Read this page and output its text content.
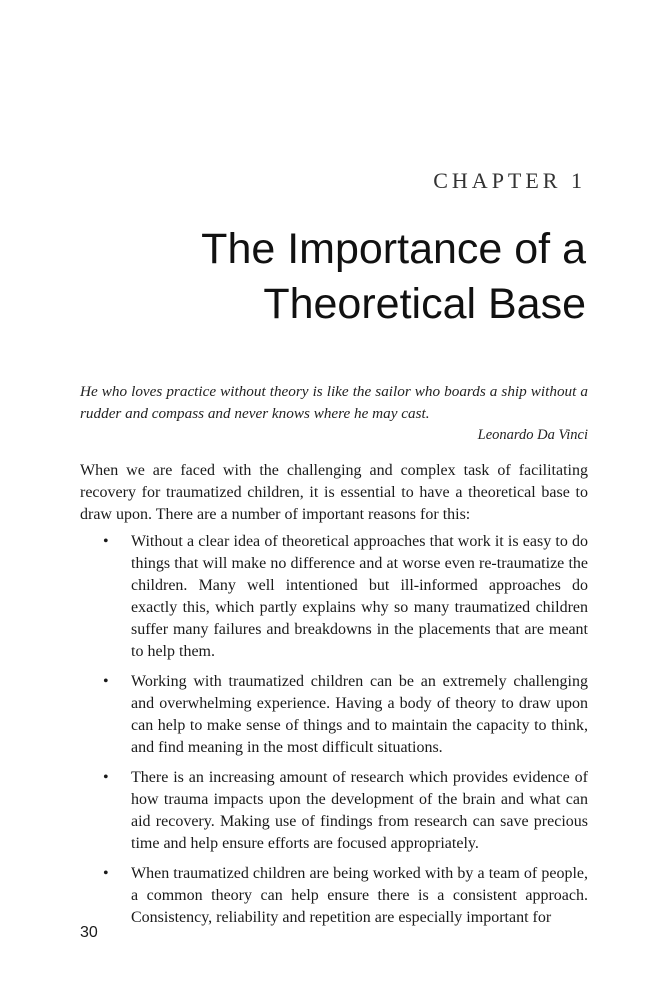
CHAPTER 1
The Importance of a Theoretical Base
He who loves practice without theory is like the sailor who boards a ship without a rudder and compass and never knows where he may cast.
Leonardo Da Vinci

When we are faced with the challenging and complex task of facilitating recovery for traumatized children, it is essential to have a theoretical base to draw upon. There are a number of important reasons for this:

• Without a clear idea of theoretical approaches that work it is easy to do things that will make no difference and at worse even re-traumatize the children. Many well intentioned but ill-informed approaches do exactly this, which partly explains why so many traumatized children suffer many failures and breakdowns in the placements that are meant to help them.
• Working with traumatized children can be an extremely challenging and overwhelming experience. Having a body of theory to draw upon can help to make sense of things and to maintain the capacity to think, and find meaning in the most difficult situations.
• There is an increasing amount of research which provides evidence of how trauma impacts upon the development of the brain and what can aid recovery. Making use of findings from research can save precious time and help ensure efforts are focused appropriately.
• When traumatized children are being worked with by a team of people, a common theory can help ensure there is a consistent approach. Consistency, reliability and repetition are especially important for
30
